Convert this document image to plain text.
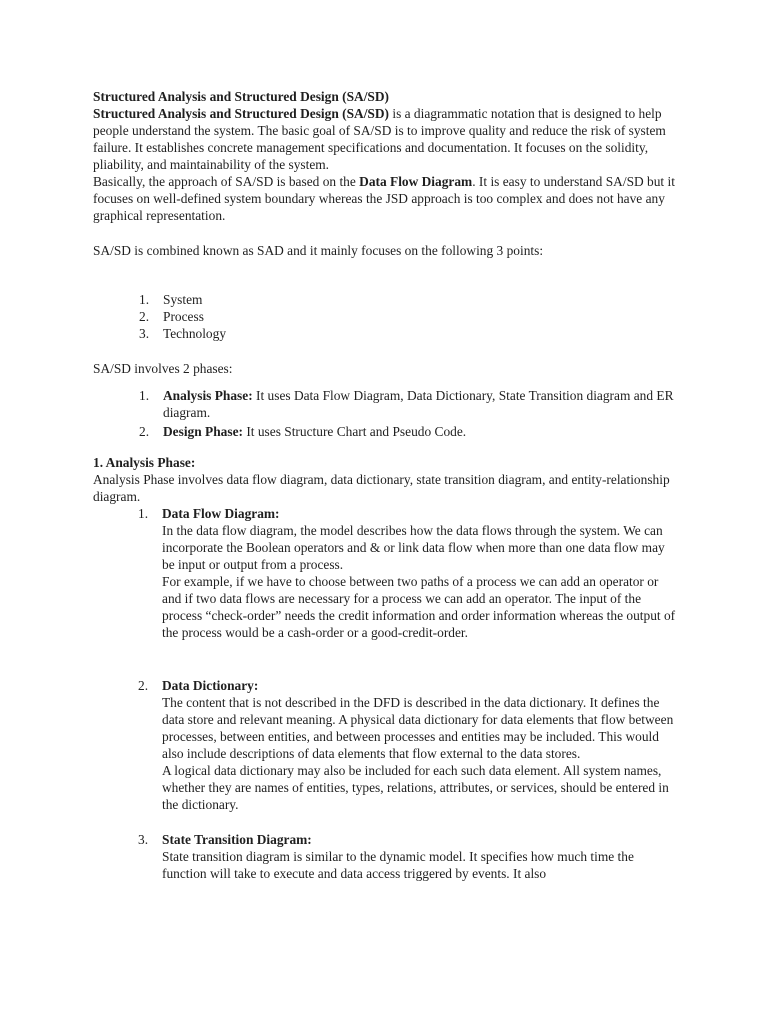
Structured Analysis and Structured Design (SA/SD)

Structured Analysis and Structured Design (SA/SD) is a diagrammatic notation that is designed to help people understand the system. The basic goal of SA/SD is to improve quality and reduce the risk of system failure. It establishes concrete management specifications and documentation. It focuses on the solidity, pliability, and maintainability of the system.

Basically, the approach of SA/SD is based on the Data Flow Diagram. It is easy to understand SA/SD but it focuses on well-defined system boundary whereas the JSD approach is too complex and does not have any graphical representation.

SA/SD is combined known as SAD and it mainly focuses on the following 3 points:

1. System
2. Process
3. Technology

SA/SD involves 2 phases:

1. Analysis Phase: It uses Data Flow Diagram, Data Dictionary, State Transition diagram and ER diagram.
2. Design Phase: It uses Structure Chart and Pseudo Code.

1. Analysis Phase:

Analysis Phase involves data flow diagram, data dictionary, state transition diagram, and entity-relationship diagram.

1. Data Flow Diagram:

In the data flow diagram, the model describes how the data flows through the system. We can incorporate the Boolean operators and & or link data flow when more than one data flow may be input or output from a process.

For example, if we have to choose between two paths of a process we can add an operator or and if two data flows are necessary for a process we can add an operator. The input of the process “check-order” needs the credit information and order information whereas the output of the process would be a cash-order or a good-credit-order.

2. Data Dictionary:

The content that is not described in the DFD is described in the data dictionary. It defines the data store and relevant meaning. A physical data dictionary for data elements that flow between processes, between entities, and between processes and entities may be included. This would also include descriptions of data elements that flow external to the data stores.

A logical data dictionary may also be included for each such data element. All system names, whether they are names of entities, types, relations, attributes, or services, should be entered in the dictionary.

3. State Transition Diagram:

State transition diagram is similar to the dynamic model. It specifies how much time the function will take to execute and data access triggered by events. It also
